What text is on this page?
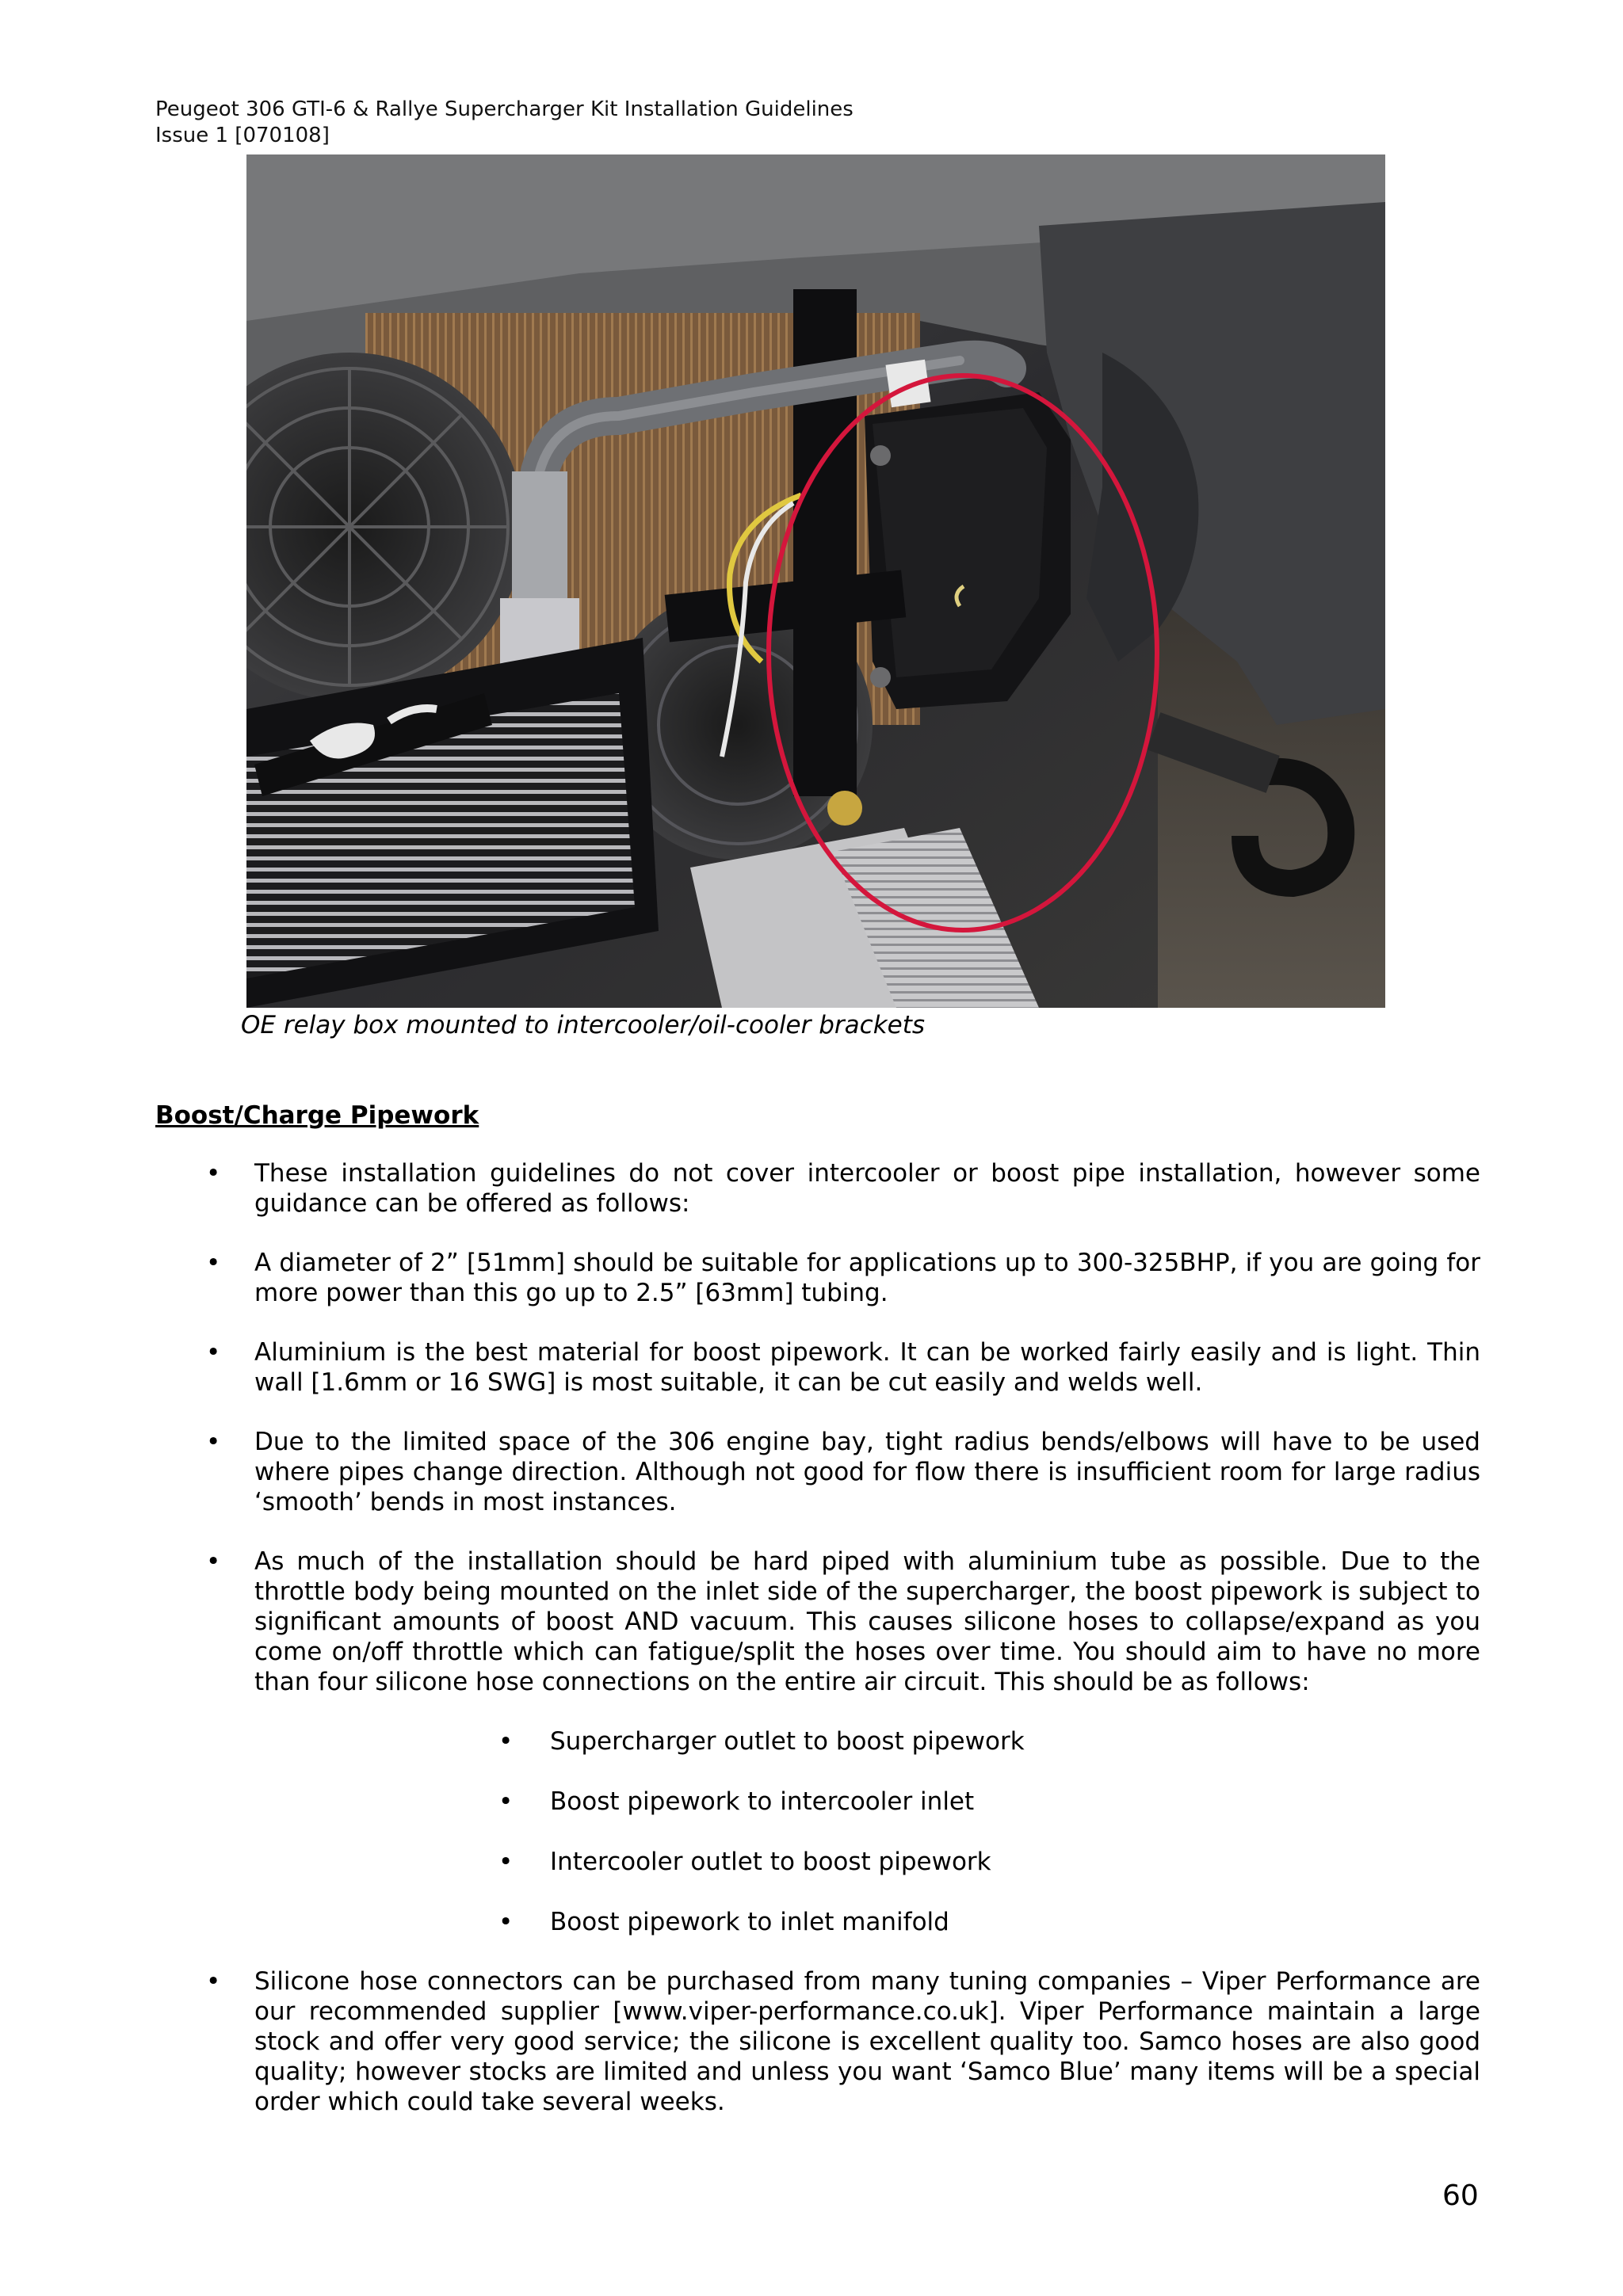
Peugeot 306 GTI-6 & Rallye Supercharger Kit Installation Guidelines
Issue 1 [070108]
OE relay box mounted to intercooler/oil-cooler brackets
Boost/Charge Pipework
• These installation guidelines do not cover intercooler or boost pipe installation, however some guidance can be offered as follows:
• A diameter of 2” [51mm] should be suitable for applications up to 300-325BHP, if you are going for more power than this go up to 2.5” [63mm] tubing.
• Aluminium is the best material for boost pipework. It can be worked fairly easily and is light. Thin wall [1.6mm or 16 SWG] is most suitable, it can be cut easily and welds well.
• Due to the limited space of the 306 engine bay, tight radius bends/elbows will have to be used where pipes change direction. Although not good for flow there is insufficient room for large radius ‘smooth’ bends in most instances.
• As much of the installation should be hard piped with aluminium tube as possible. Due to the throttle body being mounted on the inlet side of the supercharger, the boost pipework is subject to significant amounts of boost AND vacuum. This causes silicone hoses to collapse/expand as you come on/off throttle which can fatigue/split the hoses over time. You should aim to have no more than four silicone hose connections on the entire air circuit. This should be as follows:
• Supercharger outlet to boost pipework
• Boost pipework to intercooler inlet
• Intercooler outlet to boost pipework
• Boost pipework to inlet manifold
• Silicone hose connectors can be purchased from many tuning companies – Viper Performance are our recommended supplier [www.viper-performance.co.uk]. Viper Performance maintain a large stock and offer very good service; the silicone is excellent quality too. Samco hoses are also good quality; however stocks are limited and unless you want ‘Samco Blue’ many items will be a special order which could take several weeks.
60
